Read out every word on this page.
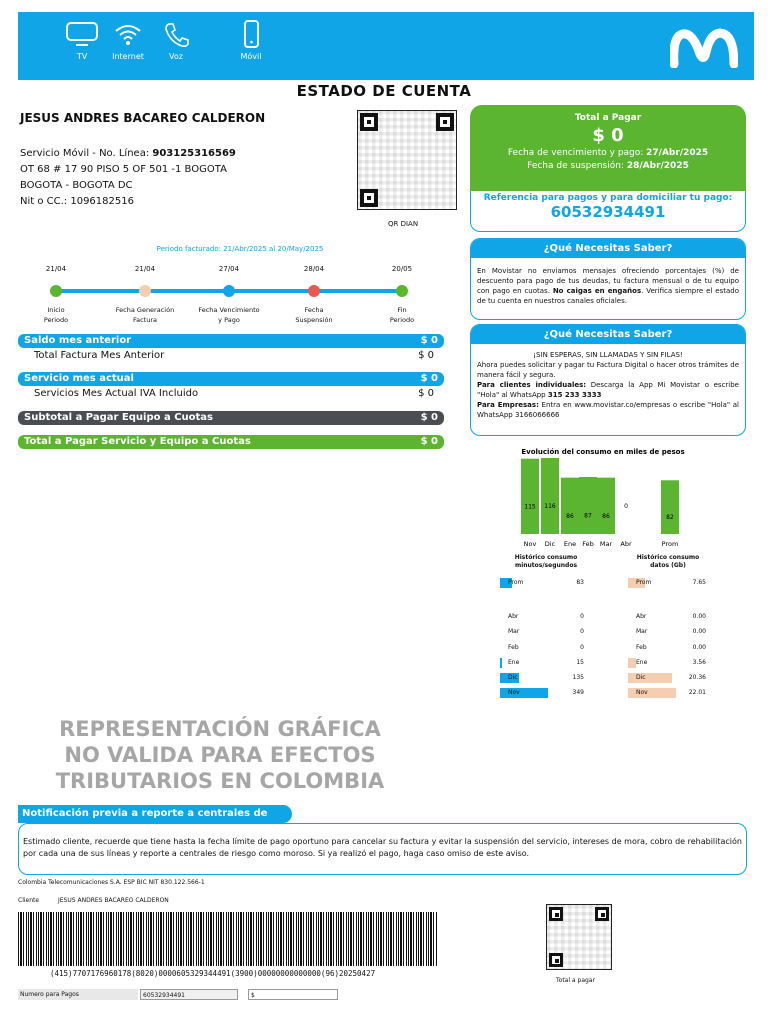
TV	Internet	Voz	Móvil
ESTADO DE CUENTA
JESUS ANDRES BACAREO CALDERON
Servicio Móvil - No. Línea: 903125316569
OT 68 # 17 90 PISO 5 OF 501 -1 BOGOTA
BOGOTA - BOGOTA DC
Nit o CC.: 1096182516
QR DIAN
Total a Pagar
$ 0
Fecha de vencimiento y pago: 27/Abr/2025
Fecha de suspensión: 28/Abr/2025
Referencia para pagos y para domiciliar tu pago:
60532934491
¿Qué Necesitas Saber?
En Movistar no enviamos mensajes ofreciendo porcentajes (%) de descuento para pago de tus deudas, tu factura mensual o de tu equipo con pago en cuotas. No caigas en engaños. Verifica siempre el estado de tu cuenta en nuestros canales oficiales.
¿Qué Necesitas Saber?
¡SIN ESPERAS, SIN LLAMADAS Y SIN FILAS!
Ahora puedes solicitar y pagar tu Factura Digital o hacer otros trámites de manera fácil y segura.
Para clientes individuales: Descarga la App Mi Movistar o escribe "Hola" al WhatsApp 315 233 3333
Para Empresas: Entra en www.movistar.co/empresas o escribe "Hola" al WhatsApp 3166066666
Periodo facturado: 21/Abr/2025 al 20/May/2025
21/04
Inicio
Periodo
21/04
Fecha Generación
Factura
27/04
Fecha Vencimiento
y Pago
28/04
Fecha
Suspensión
20/05
Fin
Periodo
Saldo mes anterior	$ 0
Total Factura Mes Anterior	$ 0
Servicio mes actual	$ 0
Servicios Mes Actual IVA Incluido	$ 0
Subtotal a Pagar Equipo a Cuotas	$ 0
Total a Pagar Servicio y Equipo a Cuotas	$ 0
Evolución del consumo en miles de pesos
115
Nov
116
Dic
86
Ene
87
Feb
86
Mar
0
Abr
82
Prom
Histórico consumo
minutos/segundos
Prom	83
Abr	0
Mar	0
Feb	0
Ene	15
Dic	135
Nov	349
Histórico consumo
datos (Gb)
Prom	7.65
Abr	0.00
Mar	0.00
Feb	0.00
Ene	3.56
Dic	20.36
Nov	22.01
REPRESENTACIÓN GRÁFICA
NO VALIDA PARA EFECTOS
TRIBUTARIOS EN COLOMBIA
Notificación previa a reporte a centrales de riesgo
Estimado cliente, recuerde que tiene hasta la fecha límite de pago oportuno para cancelar su factura y evitar la suspensión del servicio, intereses de mora, cobro de rehabilitación por cada una de sus líneas y reporte a centrales de riesgo como moroso. Si ya realizó el pago, haga caso omiso de este aviso.
Colombia Telecomunicaciones S.A. ESP BIC NIT 830.122.566-1
Cliente	JESUS ANDRES BACAREO CALDERON
(415)7707176960178(8020)0000605329344491(3900)00000000000000(96)20250427
Numero para Pagos	60532934491	$
Total a pagar
